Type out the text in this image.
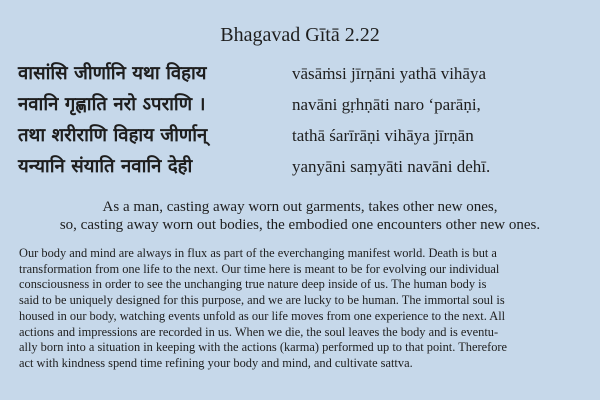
Bhagavad Gītā 2.22
वासांसि जीर्णानि यथा विहाय	vāsāṁsi jīrṇāni yathā vihāya
नवानि गृह्णाति नरो ऽपराणि ।	navāni gṛhṇāti naro ‘parāṇi,
तथा शरीराणि विहाय जीर्णान्	tathā śarīrāṇi vihāya jīrṇān
यन्यानि संयाति नवानि देही	yanyāni saṃyāti navāni dehī.
As a man, casting away worn out garments, takes other new ones,
so, casting away worn out bodies, the embodied one encounters other new ones.
Our body and mind are always in flux as part of the everchanging manifest world. Death is but a
transformation from one life to the next. Our time here is meant to be for evolving our individual
consciousness in order to see the unchanging true nature deep inside of us. The human body is
said to be uniquely designed for this purpose, and we are lucky to be human. The immortal soul is
housed in our body, watching events unfold as our life moves from one experience to the next. All
actions and impressions are recorded in us. When we die, the soul leaves the body and is eventu-
ally born into a situation in keeping with the actions (karma) performed up to that point. Therefore
act with kindness spend time refining your body and mind, and cultivate sattva.
